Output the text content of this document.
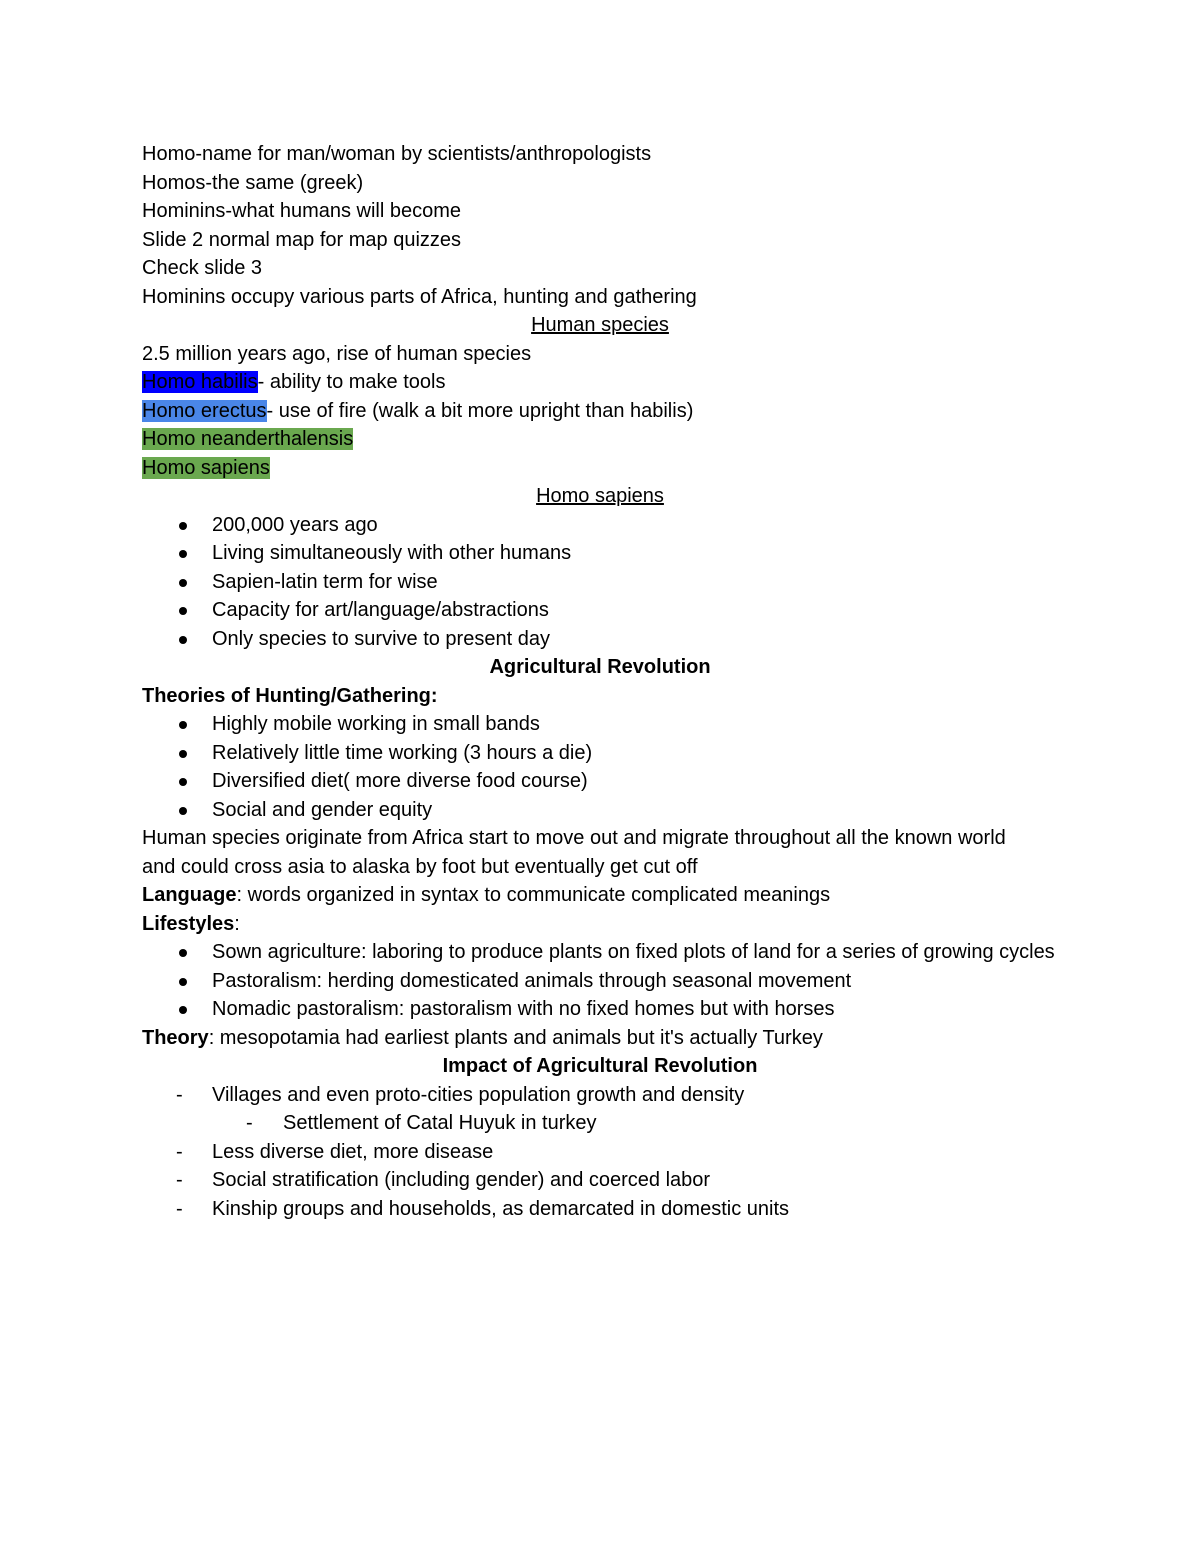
Homo-name for man/woman by scientists/anthropologists

Homos-the same (greek)

Hominins-what humans will become

Slide 2 normal map for map quizzes

Check slide 3

Hominins occupy various parts of Africa, hunting and gathering

Human species

2.5 million years ago, rise of human species

Homo habilis- ability to make tools

Homo erectus- use of fire (walk a bit more upright than habilis)

Homo neanderthalensis

Homo sapiens

Homo sapiens

200,000 years ago
Living simultaneously with other humans
Sapien-latin term for wise
Capacity for art/language/abstractions
Only species to survive to present day

Agricultural Revolution

Theories of Hunting/Gathering:

Highly mobile working in small bands
Relatively little time working (3 hours a die)
Diversified diet( more diverse food course)
Social and gender equity

Human species originate from Africa start to move out and migrate throughout all the known world and could cross asia to alaska by foot but eventually get cut off

Language: words organized in syntax to communicate complicated meanings

Lifestyles:

Sown agriculture: laboring to produce plants on fixed plots of land for a series of growing cycles
Pastoralism: herding domesticated animals through seasonal movement
Nomadic pastoralism: pastoralism with no fixed homes but with horses

Theory: mesopotamia had earliest plants and animals but it's actually Turkey

Impact of Agricultural Revolution

- Villages and even proto-cities population growth and density
- Settlement of Catal Huyuk in turkey
- Less diverse diet, more disease
- Social stratification (including gender) and coerced labor
- Kinship groups and households, as demarcated in domestic units
